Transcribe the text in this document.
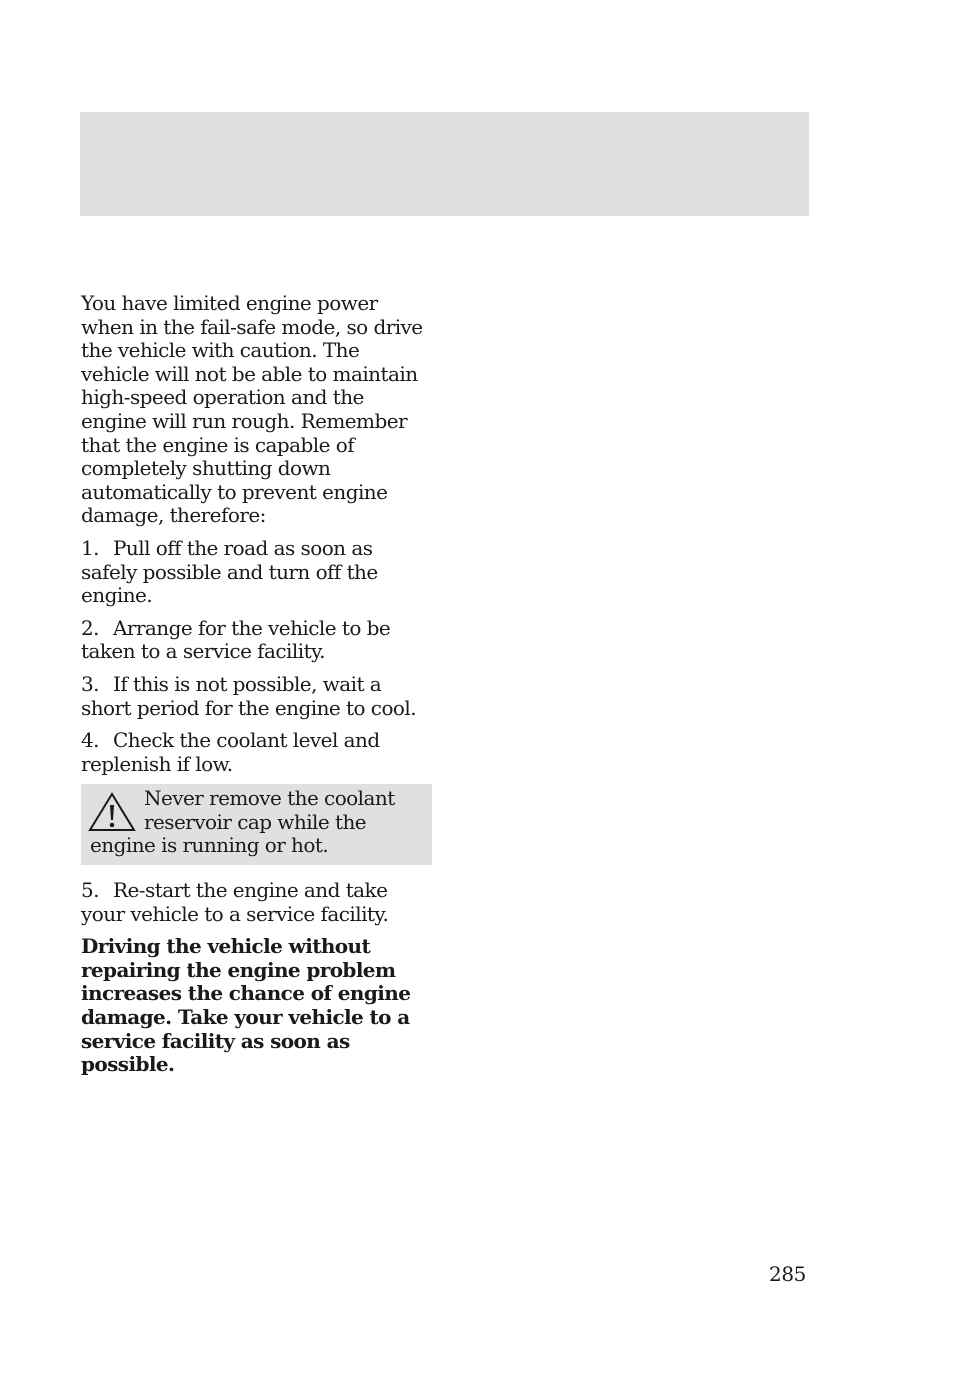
You have limited engine power when in the fail-safe mode, so drive the vehicle with caution. The vehicle will not be able to maintain high-speed operation and the engine will run rough. Remember that the engine is capable of completely shutting down automatically to prevent engine damage, therefore:

1. Pull off the road as soon as safely possible and turn off the engine.

2. Arrange for the vehicle to be taken to a service facility.

3. If this is not possible, wait a short period for the engine to cool.

4. Check the coolant level and replenish if low.

Never remove the coolant reservoir cap while the engine is running or hot.

5. Re-start the engine and take your vehicle to a service facility.

Driving the vehicle without repairing the engine problem increases the chance of engine damage. Take your vehicle to a service facility as soon as possible.

285
